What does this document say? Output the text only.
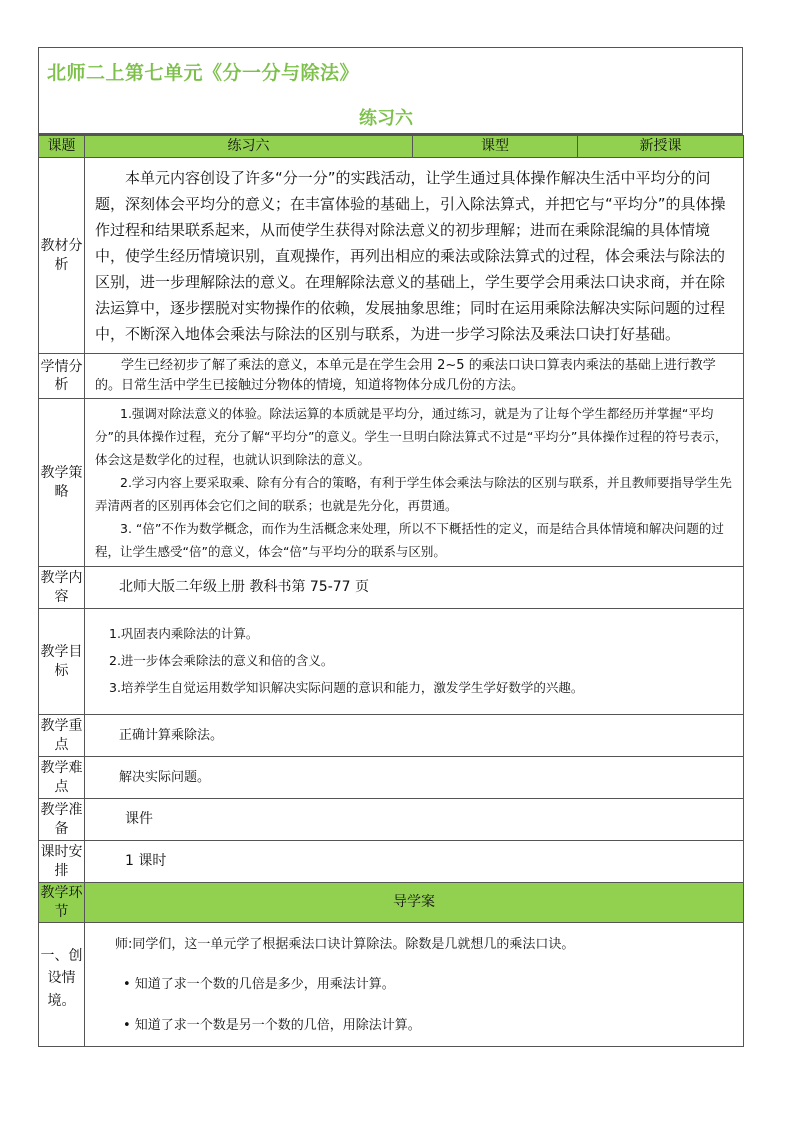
北师二上第七单元《分一分与除法》
练习六
课题	练习六	课型	新授课
教材分析	本单元内容创设了许多“分一分”的实践活动，让学生通过具体操作解决生活中平均分的问题，深刻体会平均分的意义；在丰富体验的基础上，引入除法算式，并把它与“平均分”的具体操作过程和结果联系起来，从而使学生获得对除法意义的初步理解；进而在乘除混编的具体情境中，使学生经历情境识别，直观操作，再列出相应的乘法或除法算式的过程，体会乘法与除法的区别，进一步理解除法的意义。在理解除法意义的基础上，学生要学会用乘法口诀求商，并在除法运算中，逐步摆脱对实物操作的依赖，发展抽象思维；同时在运用乘除法解决实际问题的过程中，不断深入地体会乘法与除法的区别与联系，为进一步学习除法及乘法口诀打好基础。		

学情分析	学生已经初步了解了乘法的意义，本单元是在学生会用 2~5 的乘法口诀口算表内乘法的基础上进行教学的。日常生活中学生已接触过分物体的情境，知道将物体分成几份的方法。		

教学策略	1.强调对除法意义的体验。除法运算的本质就是平均分，通过练习，就是为了让每个学生都经历并掌握“平均分”的具体操作过程，充分了解“平均分”的意义。学生一旦明白除法算式不过是“平均分”具体操作过程的符号表示，体会这是数学化的过程，也就认识到除法的意义。

2.学习内容上要采取乘、除有分有合的策略，有利于学生体会乘法与除法的区别与联系，并且教师要指导学生先弄清两者的区别再体会它们之间的联系；也就是先分化，再贯通。

3. “倍”不作为数学概念，而作为生活概念来处理，所以不下概括性的定义，而是结合具体情境和解决问题的过程，让学生感受“倍”的意义，体会“倍”与平均分的联系与区别。		

教学内容	北师大版二年级上册 教科书第 75-77 页		
教学目标	1.巩固表内乘除法的计算。

2.进一步体会乘除法的意义和倍的含义。

3.培养学生自觉运用数学知识解决实际问题的意识和能力，激发学生学好数学的兴趣。		

教学重点	正确计算乘除法。		
教学难点	解决实际问题。		
教学准备	课件		
课时安排	1 课时		
教学环节	导学案		
一、创设情境。	师:同学们，这一单元学了根据乘法口诀计算除法。除数是几就想几的乘法口诀。

• 知道了求一个数的几倍是多少，用乘法计算。

• 知道了求一个数是另一个数的几倍，用除法计算。		
